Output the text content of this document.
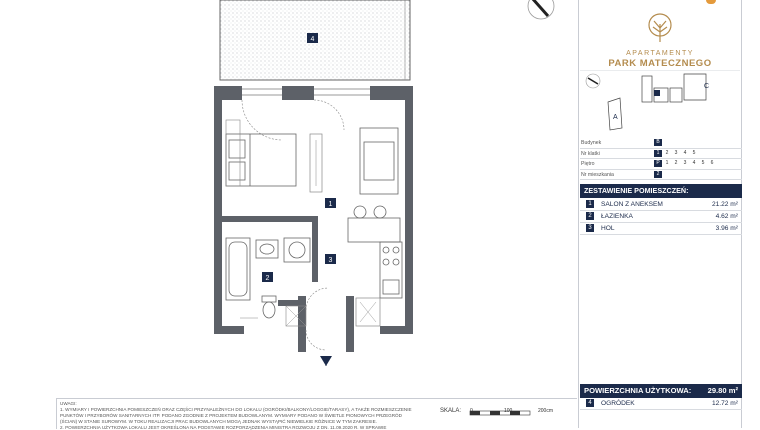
4
1
2
3
UWAGI:
1. WYMIARY I POWIERZCHNIA POMIESZCZEŃ ORAZ CZĘŚCI PRZYNALEŻNYCH DO LOKALU (OGRÓDKI/BALKONY/LOGGIE/TARASY), A TAKŻE ROZMIESZCZENIE
PUNKTÓW I PRZYBORÓW SANITARNYCH ITP. PODANO ZGODNIE Z PROJEKTEM BUDOWLANYM. WYMIARY PODANO W ŚWIETLE PIONOWYCH PRZEGRÓD
(ŚCIAN) W STANIE SUROWYM. W TOKU REALIZACJI PRAC BUDOWLANYCH MOGĄ JEDNAK WYSTĄPIĆ NIEWIELKIE RÓŻNICE W TYM ZAKRESIE.
2. POWIERZCHNIA UŻYTKOWA LOKALU JEST OKREŚLONA NA PODSTAWIE ROZPORZĄDZENIA MINISTRA ROZWOJU Z DN. 11.09.2020 R. W SPRAWIE
SKALA: 0	100	200cm
APARTAMENTY
PARK MATECZNEGO
A
C
Budynek	B
Nr klatki	1	2	3	4	5
Piętro	P	1	2	3	4	5	6
Nr mieszkania	2
ZESTAWIENIE POMIESZCZEŃ:
1	SALON Z ANEKSEM	21.22 m²
2	ŁAZIENKA	4.62 m²
3	HOL	3.96 m²
POWIERZCHNIA UŻYTKOWA: 29.80 m²
4	OGRÓDEK	12.72 m²
